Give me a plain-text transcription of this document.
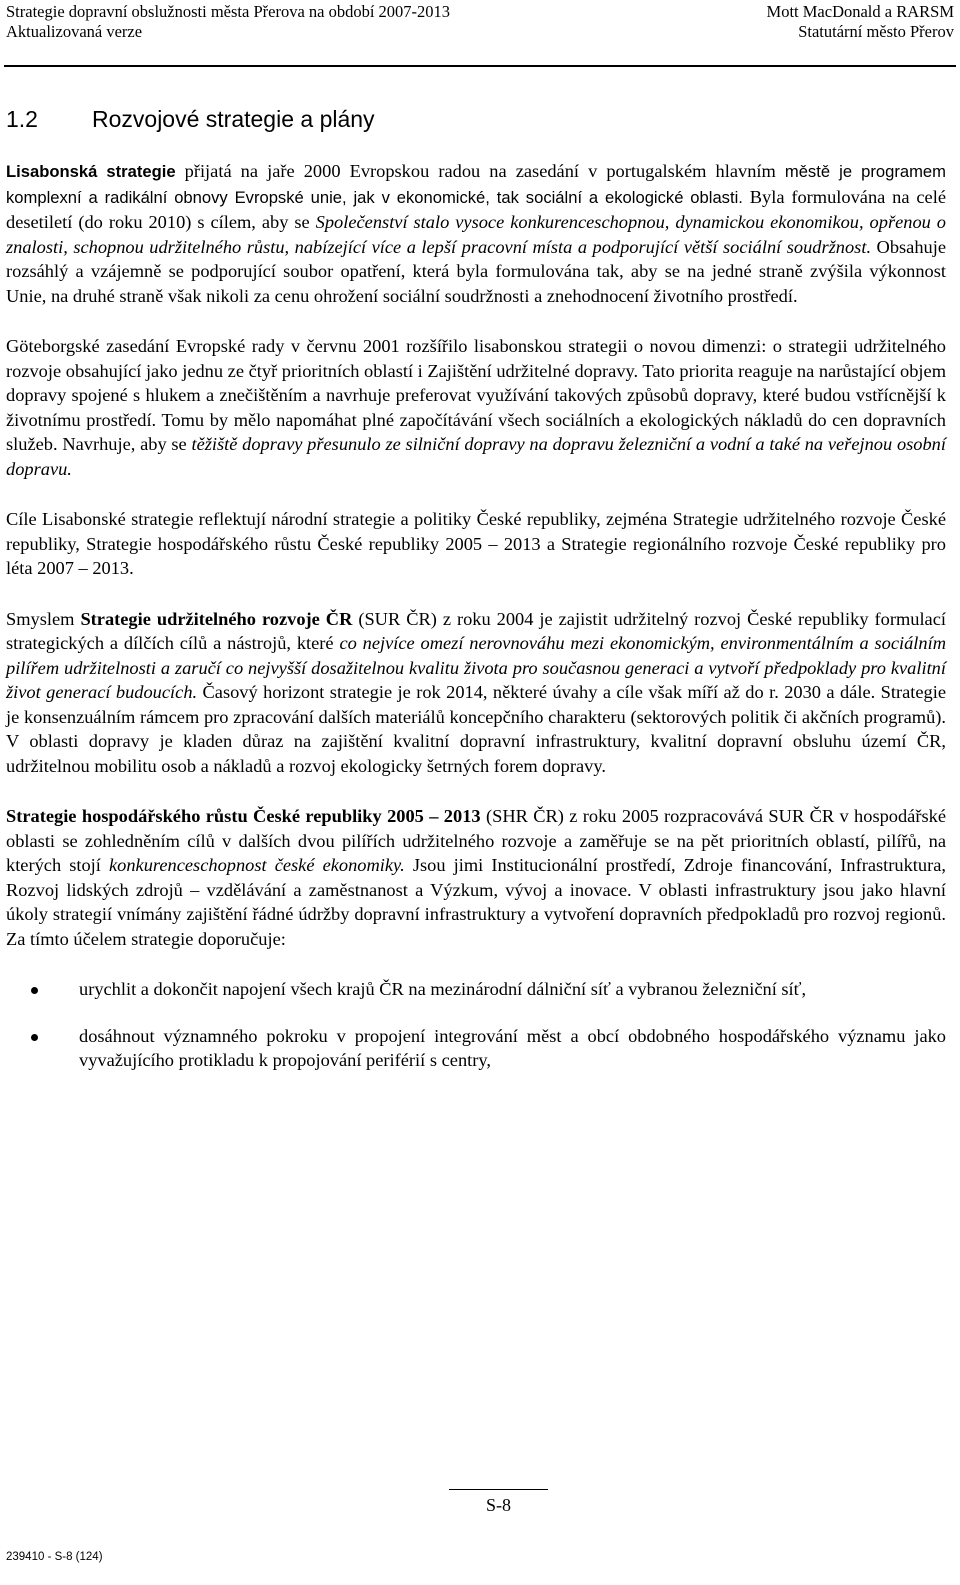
Strategie dopravní obslužnosti města Přerova na období 2007-2013
Aktualizovaná verze
Mott MacDonald a RARSM
Statutární město Přerov
1.2 Rozvojové strategie a plány

Lisabonská strategie přijatá na jaře 2000 Evropskou radou na zasedání v portugalském hlavním městě je programem komplexní a radikální obnovy Evropské unie, jak v ekonomické, tak sociální a ekologické oblasti. Byla formulována na celé desetiletí (do roku 2010) s cílem, aby se Společenství stalo vysoce konkurenceschopnou, dynamickou ekonomikou, opřenou o znalosti, schopnou udržitelného růstu, nabízející více a lepší pracovní místa a podporující větší sociální soudržnost. Obsahuje rozsáhlý a vzájemně se podporující soubor opatření, která byla formulována tak, aby se na jedné straně zvýšila výkonnost Unie, na druhé straně však nikoli za cenu ohrožení sociální soudržnosti a znehodnocení životního prostředí.

Göteborgské zasedání Evropské rady v červnu 2001 rozšířilo lisabonskou strategii o novou dimenzi: o strategii udržitelného rozvoje obsahující jako jednu ze čtyř prioritních oblastí i Zajištění udržitelné dopravy. Tato priorita reaguje na narůstající objem dopravy spojené s hlukem a znečištěním a navrhuje preferovat využívání takových způsobů dopravy, které budou vstřícnější k životnímu prostředí. Tomu by mělo napomáhat plné započítávání všech sociálních a ekologických nákladů do cen dopravních služeb. Navrhuje, aby se těžiště dopravy přesunulo ze silniční dopravy na dopravu železniční a vodní a také na veřejnou osobní dopravu.

Cíle Lisabonské strategie reflektují národní strategie a politiky České republiky, zejména Strategie udržitelného rozvoje České republiky, Strategie hospodářského růstu České republiky 2005 – 2013 a Strategie regionálního rozvoje České republiky pro léta 2007 – 2013.

Smyslem Strategie udržitelného rozvoje ČR (SUR ČR) z roku 2004 je zajistit udržitelný rozvoj České republiky formulací strategických a dílčích cílů a nástrojů, které co nejvíce omezí nerovnováhu mezi ekonomickým, environmentálním a sociálním pilířem udržitelnosti a zaručí co nejvyšší dosažitelnou kvalitu života pro současnou generaci a vytvoří předpoklady pro kvalitní život generací budoucích. Časový horizont strategie je rok 2014, některé úvahy a cíle však míří až do r. 2030 a dále. Strategie je konsenzuálním rámcem pro zpracování dalších materiálů koncepčního charakteru (sektorových politik či akčních programů). V oblasti dopravy je kladen důraz na zajištění kvalitní dopravní infrastruktury, kvalitní dopravní obsluhu území ČR, udržitelnou mobilitu osob a nákladů a rozvoj ekologicky šetrných forem dopravy.

Strategie hospodářského růstu České republiky 2005 – 2013 (SHR ČR) z roku 2005 rozpracovává SUR ČR v hospodářské oblasti se zohledněním cílů v dalších dvou pilířích udržitelného rozvoje a zaměřuje se na pět prioritních oblastí, pilířů, na kterých stojí konkurenceschopnost české ekonomiky. Jsou jimi Institucionální prostředí, Zdroje financování, Infrastruktura, Rozvoj lidských zdrojů – vzdělávání a zaměstnanost a Výzkum, vývoj a inovace. V oblasti infrastruktury jsou jako hlavní úkoly strategií vnímány zajištění řádné údržby dopravní infrastruktury a vytvoření dopravních předpokladů pro rozvoj regionů. Za tímto účelem strategie doporučuje:

urychlit a dokončit napojení všech krajů ČR na mezinárodní dálniční síť a vybranou železniční síť,
dosáhnout významného pokroku v propojení integrování měst a obcí obdobného hospodářského významu jako vyvažujícího protikladu k propojování periférií s centry,
S-8
239410 - S-8 (124)
